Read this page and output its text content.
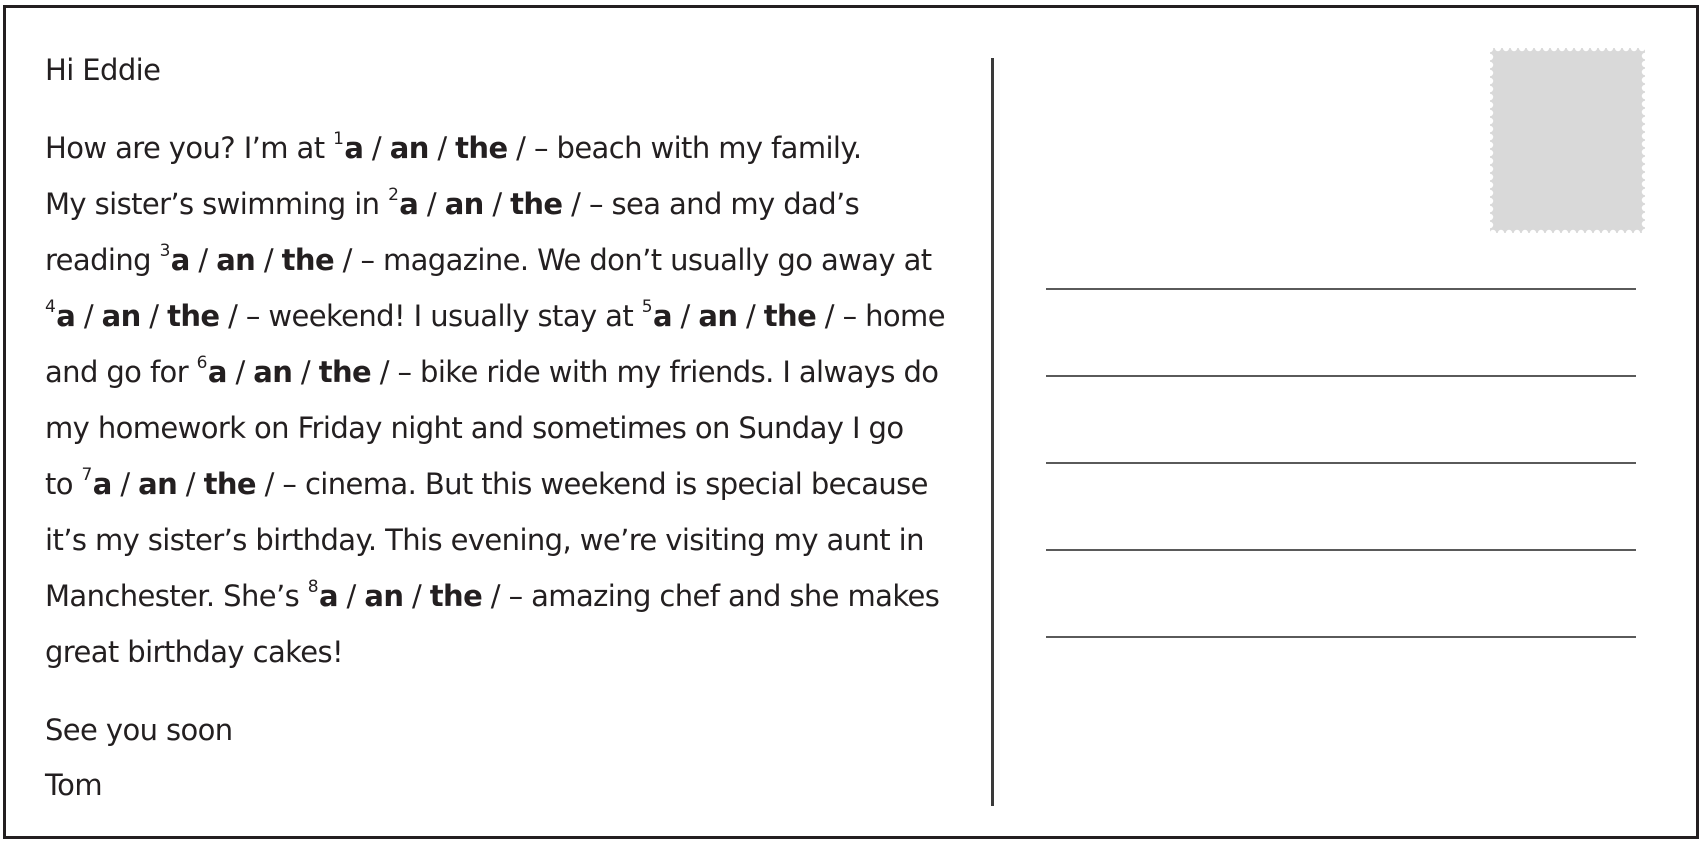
Hi Eddie
How are you? I’m at $^1$a / an / the / – beach with my family.
My sister’s swimming in $^2$a / an / the / – sea and my dad’s
reading $^3$a / an / the / – magazine. We don’t usually go away at
$^4$a / an / the / – weekend! I usually stay at $^5$a / an / the / – home
and go for $^6$a / an / the / – bike ride with my friends. I always do
my homework on Friday night and sometimes on Sunday I go
to $^7$a / an / the / – cinema. But this weekend is special because
it’s my sister’s birthday. This evening, we’re visiting my aunt in
Manchester. She’s $^8$a / an / the / – amazing chef and she makes
great birthday cakes!
See you soon
Tom
